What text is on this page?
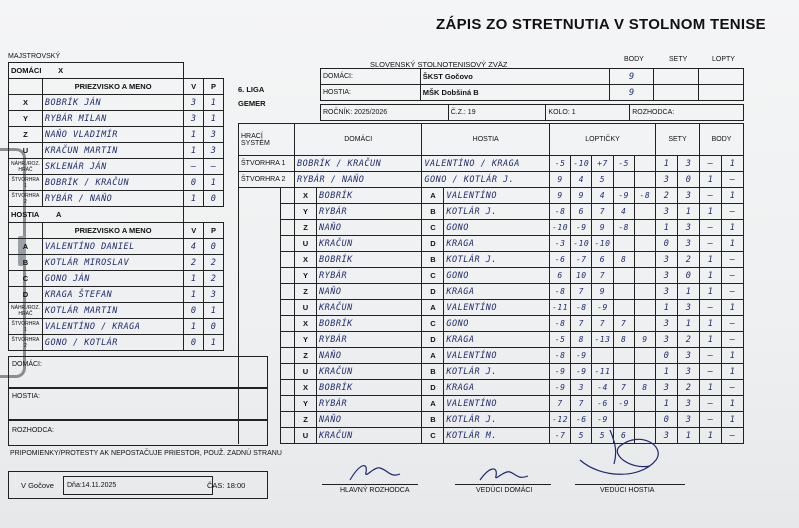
ZÁPIS ZO STRETNUTIA V STOLNOM TENISE
MAJSTROVSKÝ
DOMÁCI X			
	PRIEZVISKO A MENO	V	P
X	BOBRÍK JÁN	3	1
Y	RYBÁR MILAN	3	1
Z	NAŇO VLADIMÍR	1	3
U	KRAČUN MARTIN	1	3
NÁHR./ROZ. HRÁČ	SKLENÁR JÁN	—	—
ŠTVORHRA 1	BOBRÍK / KRAČUN	0	1
ŠTVORHRA 2	RYBÁR / NAŇO	1	0
HOSTIA A			
	PRIEZVISKO A MENO	V	P
A	VALENTÍNO DANIEL	4	0
B	KOTLÁR MIROSLAV	2	2
C	GONO JÁN	1	2
D	KRAGA ŠTEFAN	1	3
NÁHR./ROZ. HRÁČ	KOTLÁR MARTIN	0	1
ŠTVORHRA 1	VALENTÍNO / KRAGA	1	0
ŠTVORHRA 2	GONO / KOTLÁR	0	1
DOMÁCI:
HOSTIA:
ROZHODCA:
PRIPOMIENKY/PROTESTY AK NEPOSTAČUJE PRIESTOR, POUŽ. ZADNÚ STRANU
V Gočove Dňa:14.11.2025	ČAS: 18:00
6. LIGA
GEMER
SLOVENSKÝ STOLNOTENISOVÝ ZVÄZ
BODY	SETY	LOPTY
DOMÁCI:	ŠKST Gočovo	9		
HOSTIA:	MŠK Dobšiná B	9		
ROČNÍK: 2025/2026	Č.Z.: 19	KOLO: 1	ROZHODCA:
HRACÍ SYSTÉM		DOMÁCI		HOSTIA		LOPTIČKY					SETY		BODY	
ŠTVORHRA 1		BOBRÍK / KRAČUN		VALENTÍNO / KRAGA		-5	-10	+7	-5		1	3	—	1
ŠTVORHRA 2		RYBÁR / NAŇO		GONO / KOTLÁR J.		9	4	5			3	0	1	—
		X	BOBRÍK	A	VALENTÍNO	9	9	4	-9	-8	2	3	—	1
		Y	RYBÁR	B	KOTLÁR J.	-8	6	7	4		3	1	1	—
		Z	NAŇO	C	GONO	-10	-9	9	-8		1	3	—	1
		U	KRAČUN	D	KRAGA	-3	-10	-10			0	3	—	1
		X	BOBRÍK	B	KOTLÁR J.	-6	-7	6	8		3	2	1	—
		Y	RYBÁR	C	GONO	6	10	7			3	0	1	—
		Z	NAŇO	D	KRAGA	-8	7	9			3	1	1	—
		U	KRAČUN	A	VALENTÍNO	-11	-8	-9			1	3	—	1
		X	BOBRÍK	C	GONO	-8	7	7	7		3	1	1	—
		Y	RYBÁR	D	KRAGA	-5	8	-13	8	9	3	2	1	—
		Z	NAŇO	A	VALENTÍNO	-8	-9				0	3	—	1
		U	KRAČUN	B	KOTLÁR J.	-9	-9	-11			1	3	—	1
		X	BOBRÍK	D	KRAGA	-9	3	-4	7	8	3	2	1	—
		Y	RYBÁR	A	VALENTÍNO	7	7	-6	-9		1	3	—	1
		Z	NAŇO	B	KOTLÁR J.	-12	-6	-9			0	3	—	1
		U	KRAČUN	C	KOTLÁR M.	-7	5	5	6		3	1	1	—
HLAVNÝ ROZHODCA	VEDÚCI DOMÁCI	VEDÚCI HOSTIA
